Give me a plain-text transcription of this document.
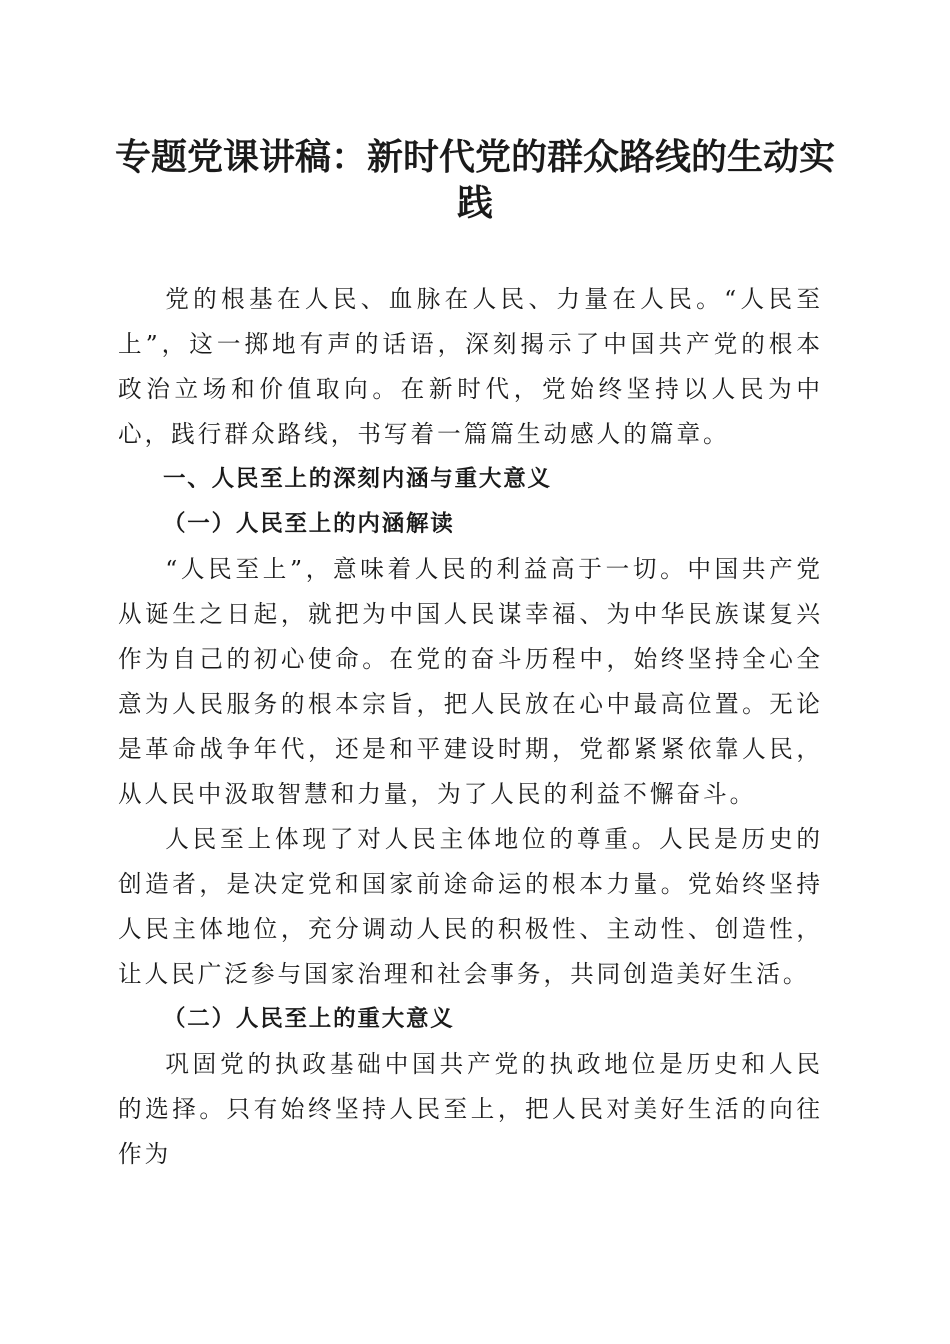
专题党课讲稿：新时代党的群众路线的生动实践

党的根基在人民、血脉在人民、力量在人民。“人民至上”，这一掷地有声的话语，深刻揭示了中国共产党的根本政治立场和价值取向。在新时代，党始终坚持以人民为中心，践行群众路线，书写着一篇篇生动感人的篇章。

一、人民至上的深刻内涵与重大意义

（一）人民至上的内涵解读

“人民至上”，意味着人民的利益高于一切。中国共产党从诞生之日起，就把为中国人民谋幸福、为中华民族谋复兴作为自己的初心使命。在党的奋斗历程中，始终坚持全心全意为人民服务的根本宗旨，把人民放在心中最高位置。无论是革命战争年代，还是和平建设时期，党都紧紧依靠人民，从人民中汲取智慧和力量，为了人民的利益不懈奋斗。

人民至上体现了对人民主体地位的尊重。人民是历史的创造者，是决定党和国家前途命运的根本力量。党始终坚持人民主体地位，充分调动人民的积极性、主动性、创造性，让人民广泛参与国家治理和社会事务，共同创造美好生活。

（二）人民至上的重大意义

巩固党的执政基础中国共产党的执政地位是历史和人民的选择。只有始终坚持人民至上，把人民对美好生活的向往作为
